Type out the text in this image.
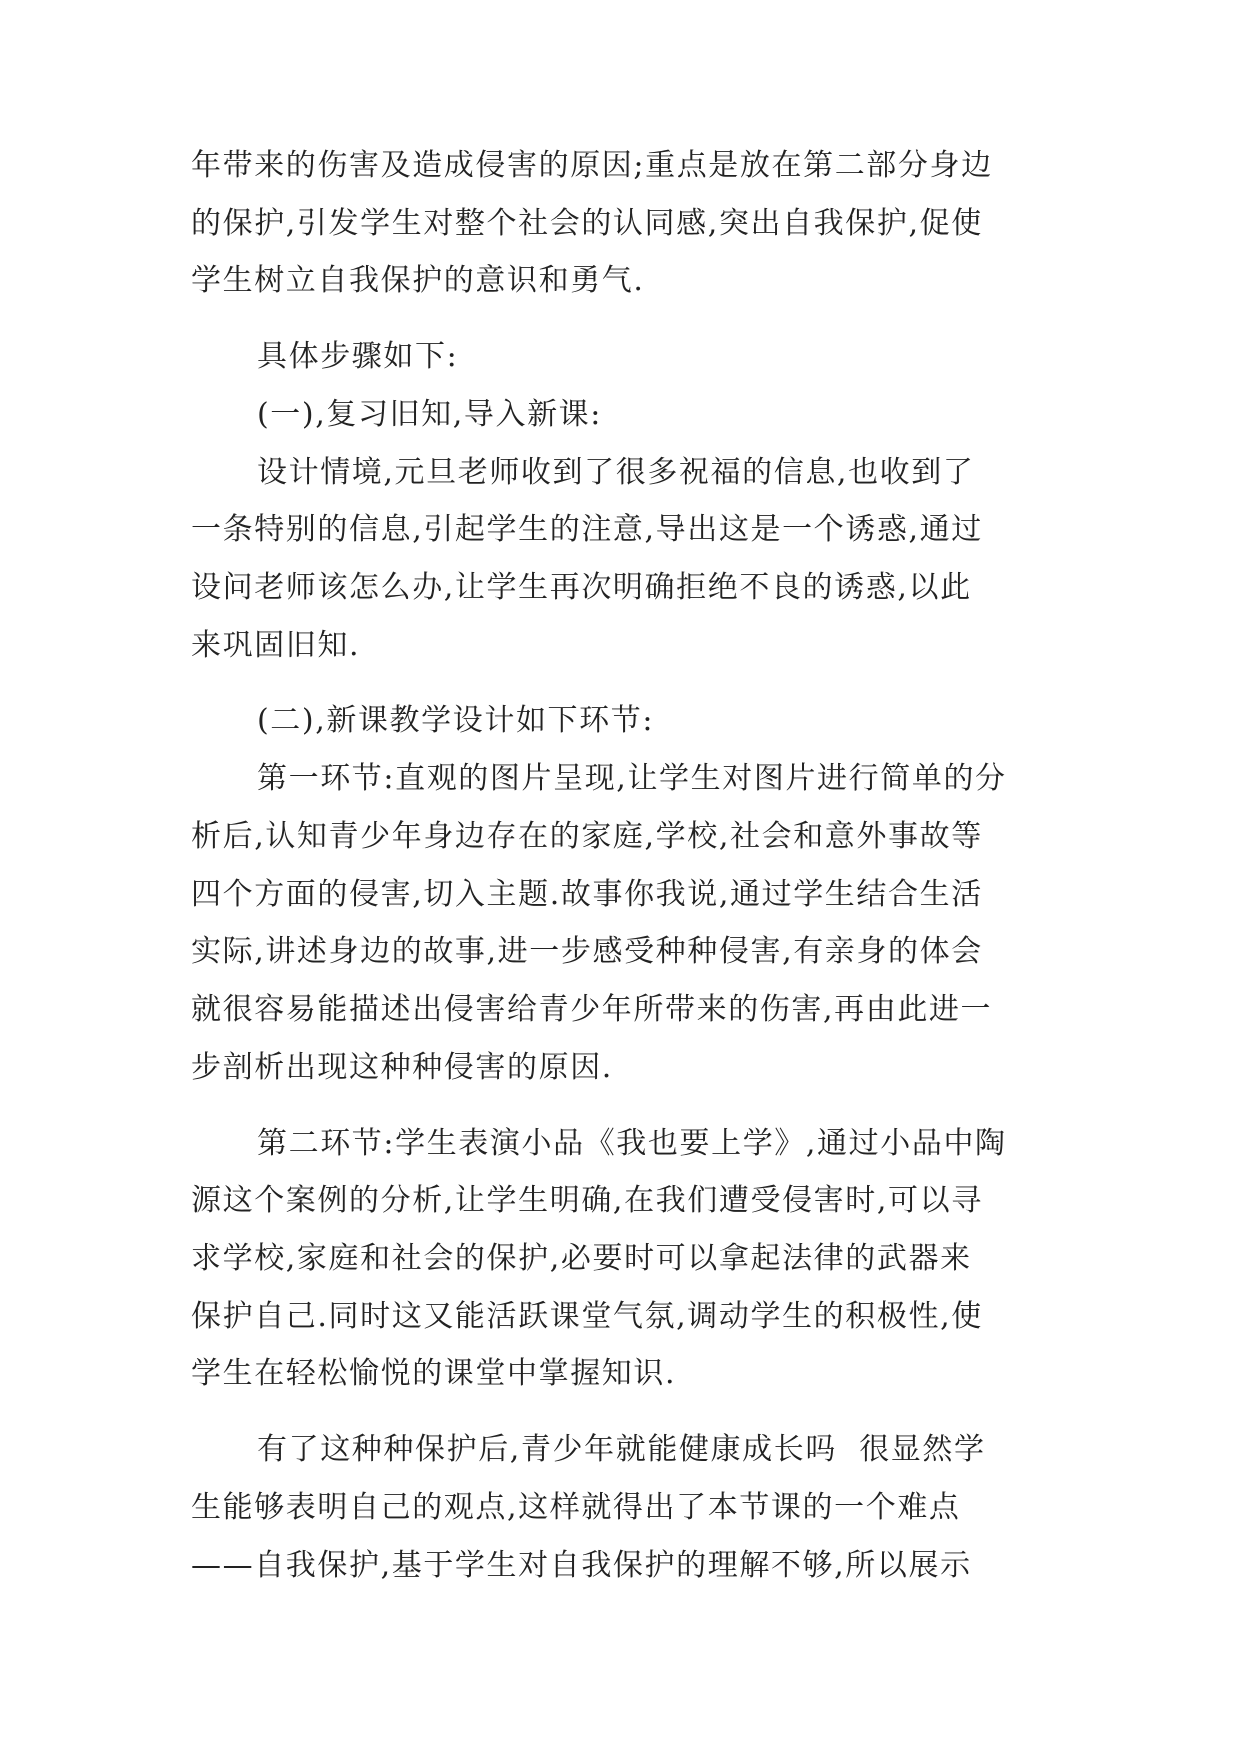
年带来的伤害及造成侵害的原因;重点是放在第二部分身边

的保护,引发学生对整个社会的认同感,突出自我保护,促使

学生树立自我保护的意识和勇气.

具体步骤如下:

(一),复习旧知,导入新课:

设计情境,元旦老师收到了很多祝福的信息,也收到了

一条特别的信息,引起学生的注意,导出这是一个诱惑,通过

设问老师该怎么办,让学生再次明确拒绝不良的诱惑,以此

来巩固旧知.

(二),新课教学设计如下环节:

第一环节:直观的图片呈现,让学生对图片进行简单的分

析后,认知青少年身边存在的家庭,学校,社会和意外事故等

四个方面的侵害,切入主题.故事你我说,通过学生结合生活

实际,讲述身边的故事,进一步感受种种侵害,有亲身的体会

就很容易能描述出侵害给青少年所带来的伤害,再由此进一

步剖析出现这种种侵害的原因.

第二环节:学生表演小品《我也要上学》,通过小品中陶

源这个案例的分析,让学生明确,在我们遭受侵害时,可以寻

求学校,家庭和社会的保护,必要时可以拿起法律的武器来

保护自己.同时这又能活跃课堂气氛,调动学生的积极性,使

学生在轻松愉悦的课堂中掌握知识.

有了这种种保护后,青少年就能健康成长吗  很显然学

生能够表明自己的观点,这样就得出了本节课的一个难点

——自我保护,基于学生对自我保护的理解不够,所以展示
